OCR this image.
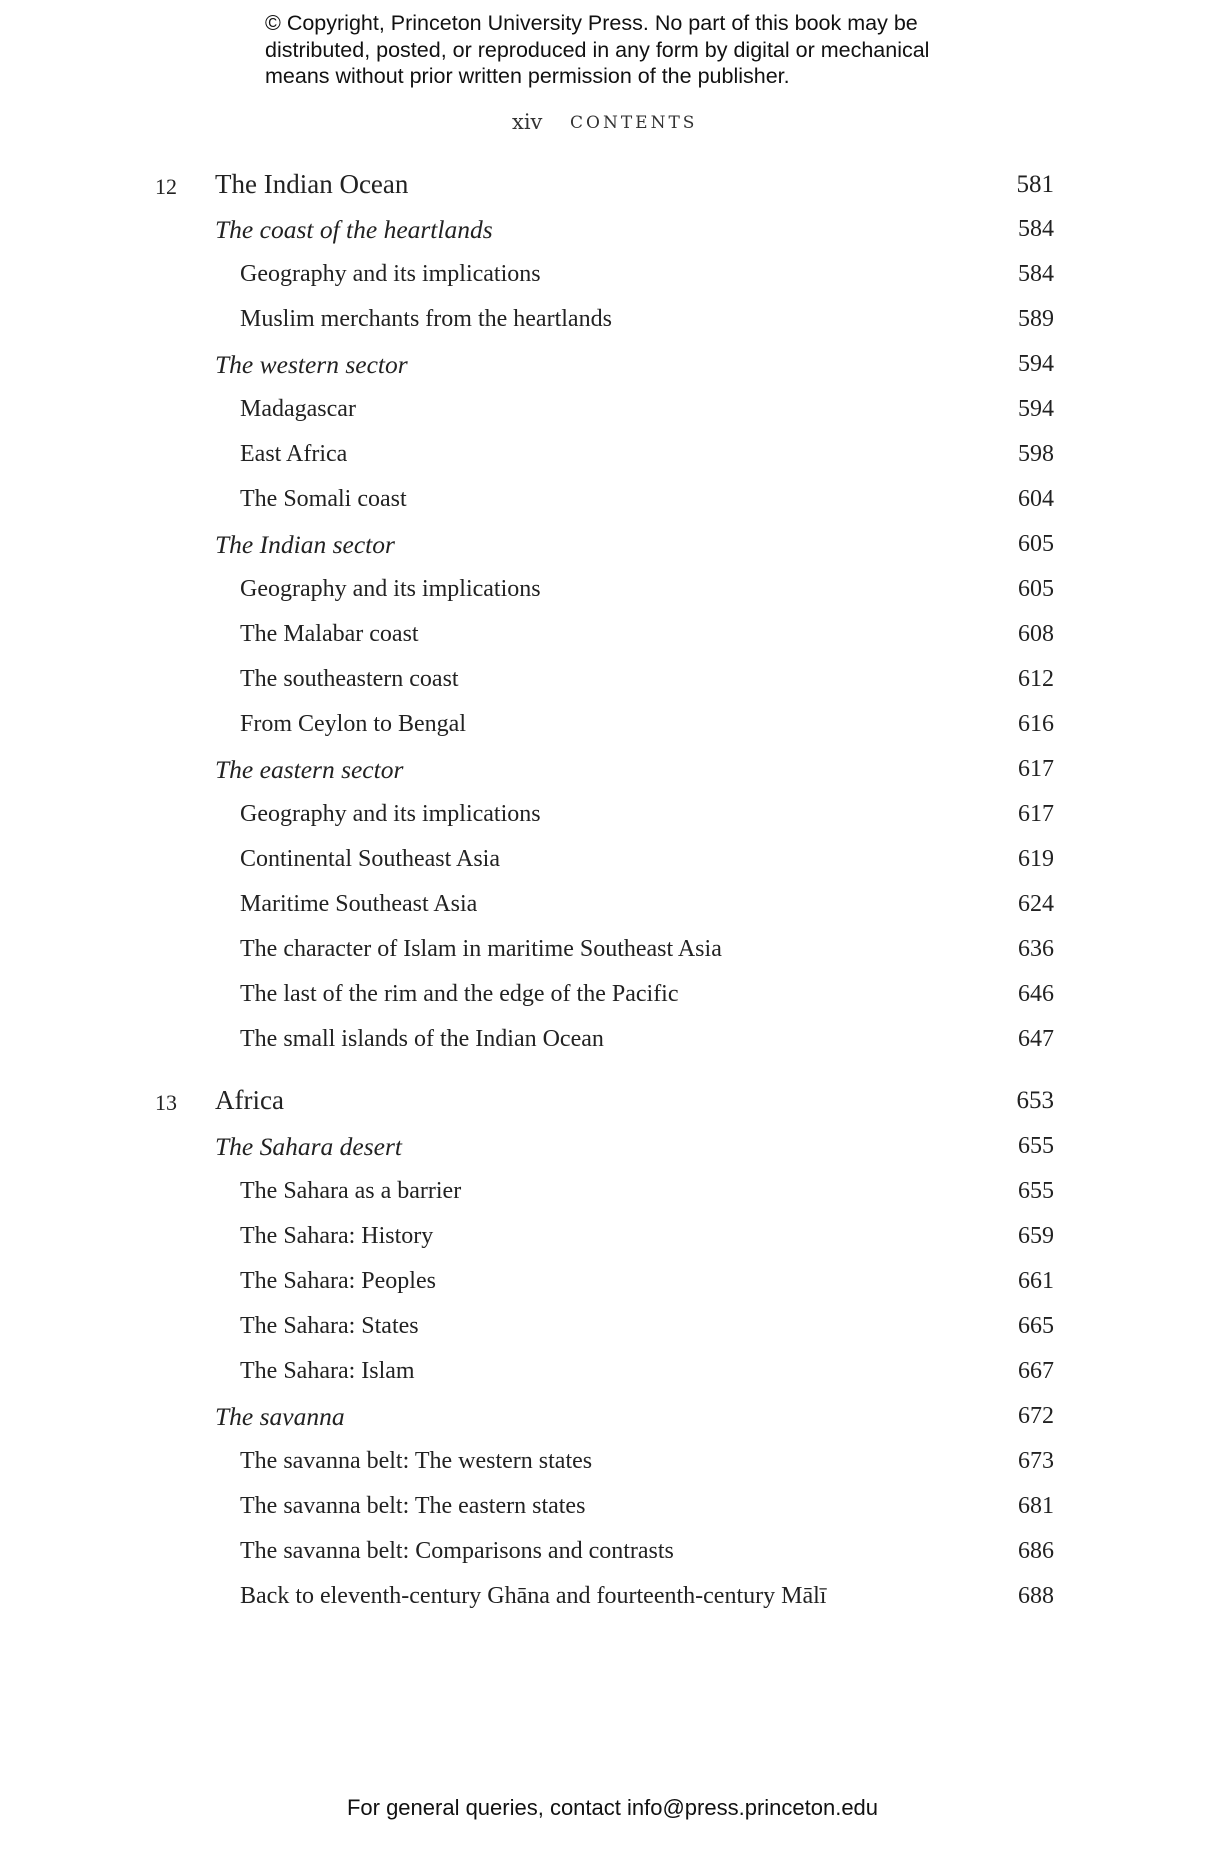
© Copyright, Princeton University Press. No part of this book may be
distributed, posted, or reproduced in any form by digital or mechanical
means without prior written permission of the publisher.
xiv CONTENTS
12 The Indian Ocean	581
The coast of the heartlands	584
Geography and its implications	584
Muslim merchants from the heartlands	589
The western sector	594
Madagascar	594
East Africa	598
The Somali coast	604
The Indian sector	605
Geography and its implications	605
The Malabar coast	608
The southeastern coast	612
From Ceylon to Bengal	616
The eastern sector	617
Geography and its implications	617
Continental Southeast Asia	619
Maritime Southeast Asia	624
The character of Islam in maritime Southeast Asia	636
The last of the rim and the edge of the Pacific	646
The small islands of the Indian Ocean	647
13 Africa	653
The Sahara desert	655
The Sahara as a barrier	655
The Sahara: History	659
The Sahara: Peoples	661
The Sahara: States	665
The Sahara: Islam	667
The savanna	672
The savanna belt: The western states	673
The savanna belt: The eastern states	681
The savanna belt: Comparisons and contrasts	686
Back to eleventh-century Ghāna and fourteenth-century Mālī	688
For general queries, contact info@press.princeton.edu
